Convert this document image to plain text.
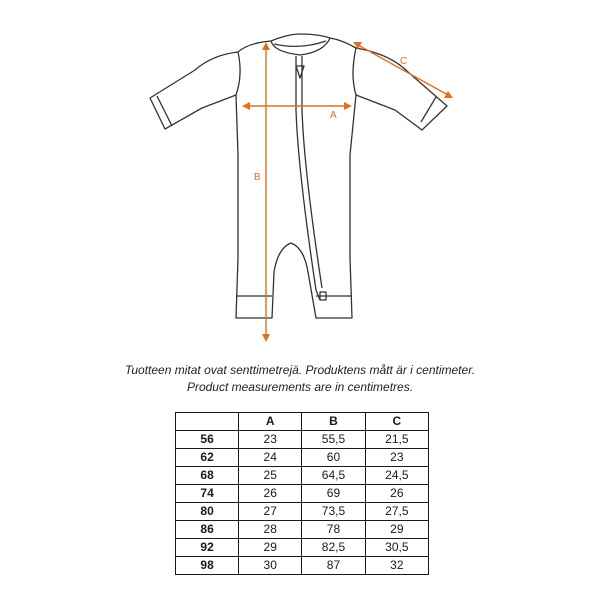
A
B
C
Tuotteen mitat ovat senttimetrejä. Produktens mått är i centimeter.
Product measurements are in centimetres.
	A	B	C
56	23	55,5	21,5
62	24	60	23
68	25	64,5	24,5
74	26	69	26
80	27	73,5	27,5
86	28	78	29
92	29	82,5	30,5
98	30	87	32
